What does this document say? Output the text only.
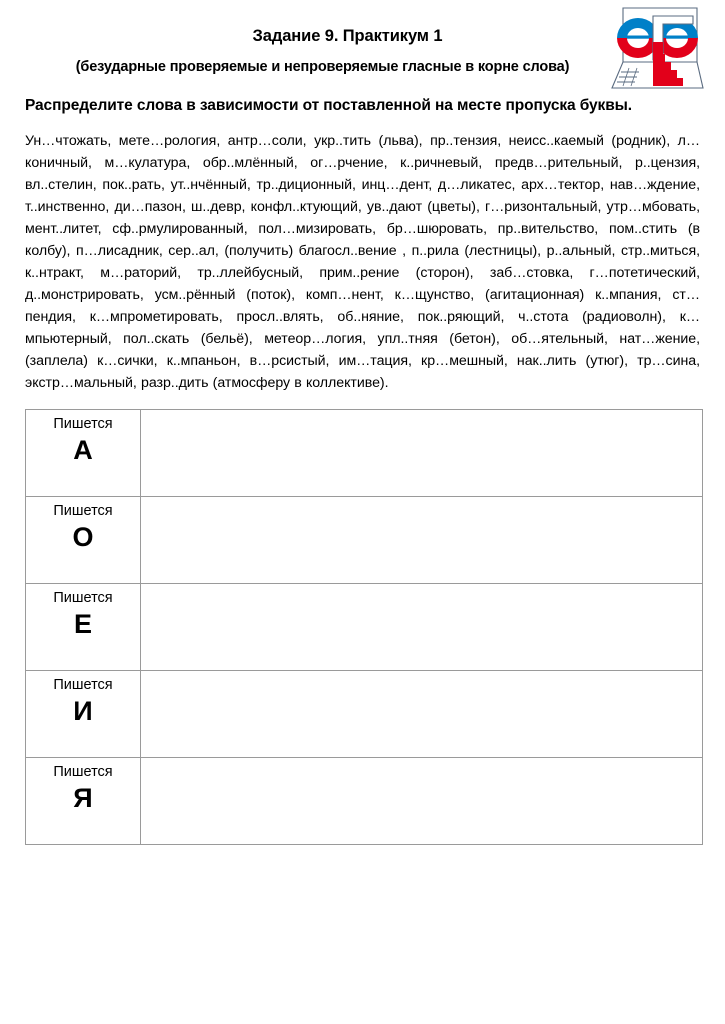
Задание 9. Практикум 1
(безударные проверяемые и непроверяемые гласные в корне слова)
Распределите слова в зависимости от поставленной на месте пропуска буквы.
Ун…чтожать, мете…рология, антр…соли, укр..тить (льва), пр..тензия, неисс..каемый (родник), л…коничный, м…кулатура, обр..млённый, ог…рчение, к..ричневый, предв…рительный, р..цензия, вл..стелин, пок..рать, ут..нчённый, тр..диционный, инц…дент, д…ликатес, арх…тектор, нав…ждение, т..инственно, ди…пазон, ш..девр, конфл..ктующий, ув..дают (цветы), г…ризонтальный, утр…мбовать, мент..литет, сф..рмулированный, пол…мизировать, бр…шюровать, пр..вительство, пом..стить (в колбу), п…лисадник, сер..ал, (получить) благосл..вение , п..рила (лестницы), р..альный, стр..миться, к..нтракт, м…раторий, тр..ллейбусный, прим..рение (сторон), заб…стовка, г…потетический, д..монстрировать, усм..рённый (поток), комп…нент, к…щунство, (агитационная) к..мпания, ст…пендия, к…мпрометировать, просл..влять, об..няние, пок..ряющий, ч..стота (радиоволн), к…мпьютерный, пол..скать (бельё), метеор…логия, упл..тняя (бетон), об…ятельный, нат…жение, (заплела) к…сички, к..мпаньон, в…рсистый, им…тация, кр…мешный, нак..лить (утюг), тр…сина, экстр…мальный, разр..дить (атмосферу в коллективе).
Пишется
А	

Пишется
О	

Пишется
Е	

Пишется
И	

Пишется
Я	
